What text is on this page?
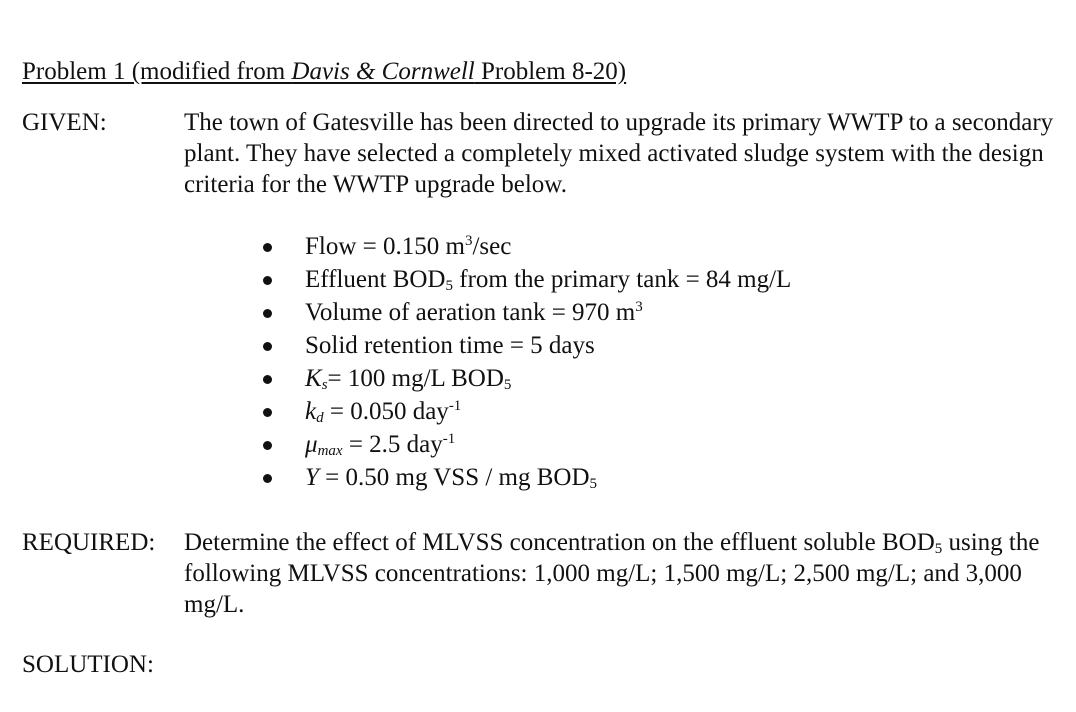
Problem 1 (modified from Davis & Cornwell Problem 8-20)
GIVEN:	The town of Gatesville has been directed to upgrade its primary WWTP to a secondary plant. They have selected a completely mixed activated sludge system with the design criteria for the WWTP upgrade below.
Flow = 0.150 $m^3/\sec$
Effluent $BOD_5$ from the primary tank = 84 mg/L
Volume of aeration tank = 970 $m^3$
Solid retention time = 5 days
$K_s= 100$ mg/L $BOD_5$
$k_d = 0.050$ day$^{-1}$
$\mu_{max} = 2.5$ day$^{-1}$
Y = 0.50 mg VSS / mg $BOD_5$
REQUIRED: Determine the effect of MLVSS concentration on the effluent soluble $BOD_5$ using the following MLVSS concentrations: 1,000 mg/L; 1,500 mg/L; 2,500 mg/L; and 3,000 mg/L.
SOLUTION:
